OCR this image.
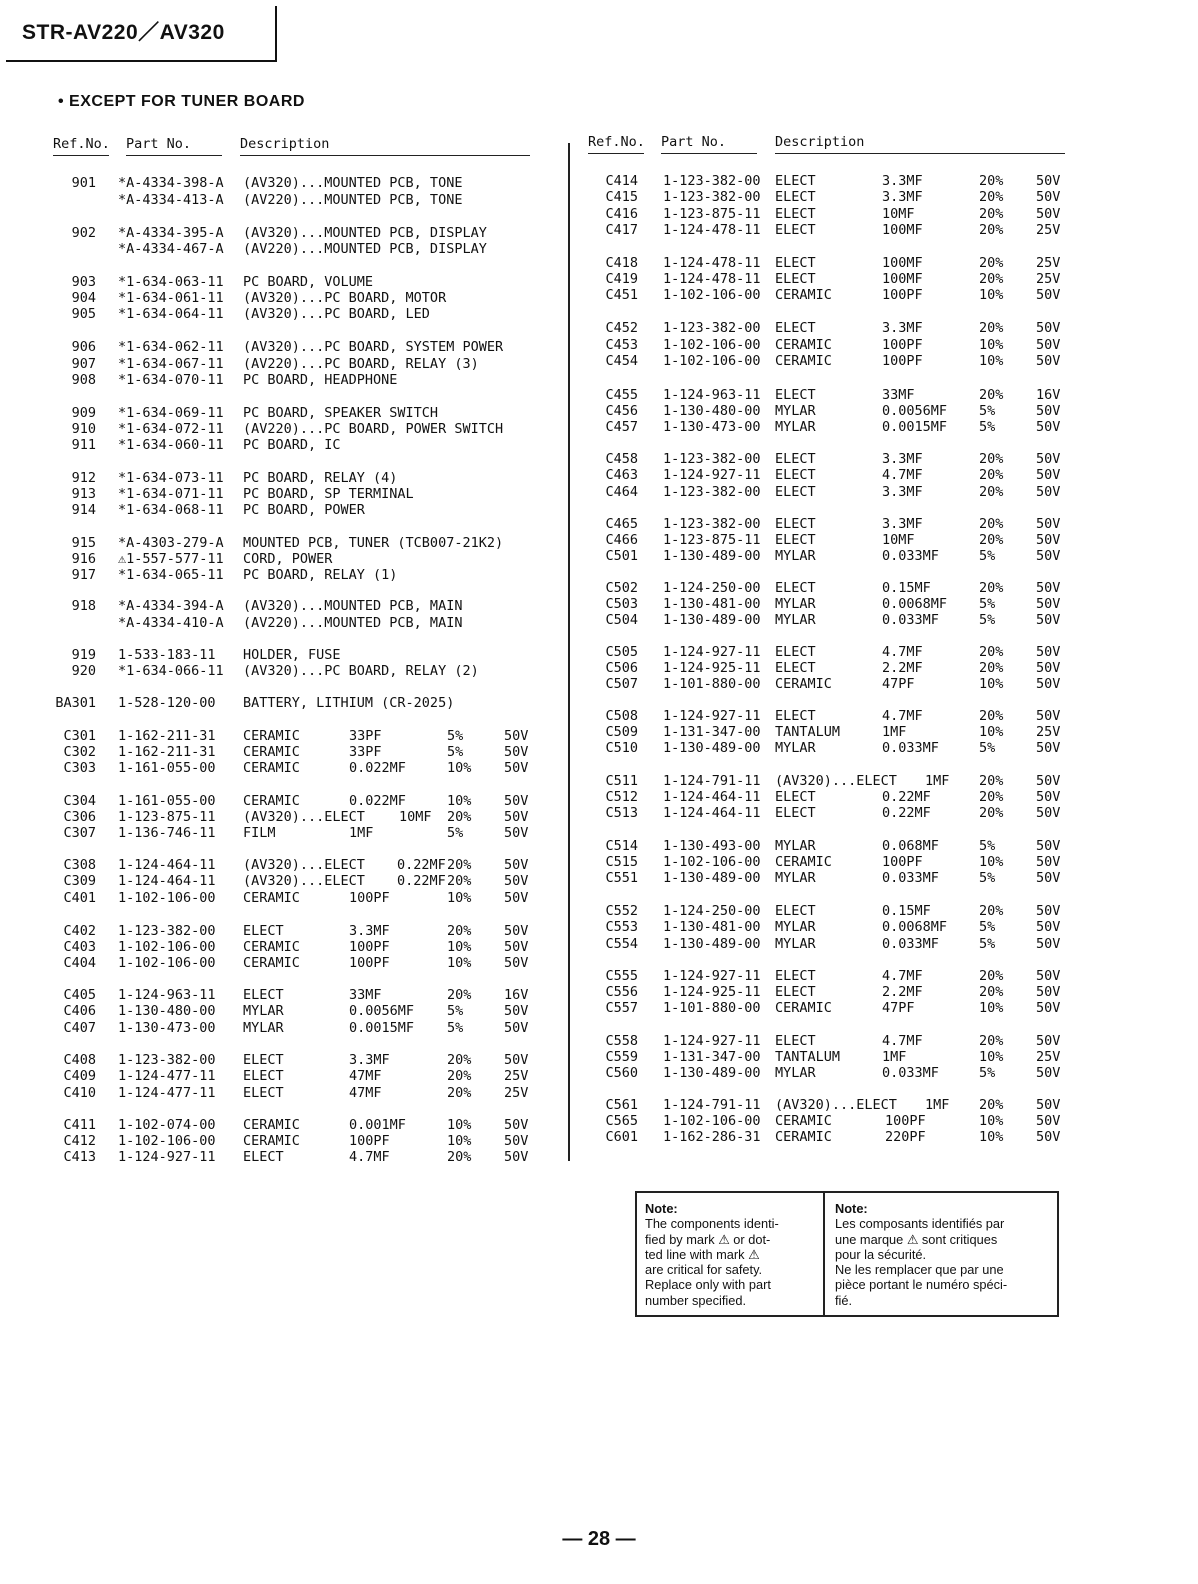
STR-AV220／AV320
• EXCEPT FOR TUNER BOARD
Ref.No. Part No.	Description	Ref.No. Part No.	Description
901 *A-4334-398-A (AV320)...MOUNTED PCB, TONE
*A-4334-413-A (AV220)...MOUNTED PCB, TONE
902 *A-4334-395-A (AV320)...MOUNTED PCB, DISPLAY
*A-4334-467-A (AV220)...MOUNTED PCB, DISPLAY
903 *1-634-063-11 PC BOARD, VOLUME
904 *1-634-061-11 (AV320)...PC BOARD, MOTOR
905 *1-634-064-11 (AV320)...PC BOARD, LED
906 *1-634-062-11 (AV320)...PC BOARD, SYSTEM POWER
907 *1-634-067-11 (AV220)...PC BOARD, RELAY (3)
908 *1-634-070-11 PC BOARD, HEADPHONE
909 *1-634-069-11 PC BOARD, SPEAKER SWITCH
910 *1-634-072-11 (AV220)...PC BOARD, POWER SWITCH
911 *1-634-060-11 PC BOARD, IC
912 *1-634-073-11 PC BOARD, RELAY (4)
913 *1-634-071-11 PC BOARD, SP TERMINAL
914 *1-634-068-11 PC BOARD, POWER
915 *A-4303-279-A MOUNTED PCB, TUNER (TCB007-21K2)
916 ⚠1-557-577-11 CORD, POWER
917 *1-634-065-11 PC BOARD, RELAY (1)
918 *A-4334-394-A (AV320)...MOUNTED PCB, MAIN
*A-4334-410-A (AV220)...MOUNTED PCB, MAIN
919 1-533-183-11 HOLDER, FUSE
920 *1-634-066-11 (AV320)...PC BOARD, RELAY (2)
BA301 1-528-120-00 BATTERY, LITHIUM (CR-2025)
C301 1-162-211-31 CERAMIC	33PF	5%	50V
C302 1-162-211-31 CERAMIC	33PF	5%	50V
C303 1-161-055-00 CERAMIC	0.022MF	10% 50V
C304 1-161-055-00 CERAMIC	0.022MF	10% 50V
C306 1-123-875-11 (AV320)...ELECT	10MF 20% 50V
C307 1-136-746-11 FILM	1MF	5%	50V
C308 1-124-464-11 (AV320)...ELECT 0.22MF 20% 50V
C309 1-124-464-11 (AV320)...ELECT 0.22MF 20% 50V
C401 1-102-106-00 CERAMIC	100PF	10% 50V
C402 1-123-382-00 ELECT	3.3MF	20% 50V
C403 1-102-106-00 CERAMIC	100PF	10% 50V
C404 1-102-106-00 CERAMIC	100PF	10% 50V
C405 1-124-963-11 ELECT	33MF	20% 16V
C406 1-130-480-00 MYLAR	0.0056MF 5%	50V
C407 1-130-473-00 MYLAR	0.0015MF 5%	50V
C408 1-123-382-00 ELECT	3.3MF	20% 50V
C409 1-124-477-11 ELECT	47MF	20% 25V
C410 1-124-477-11 ELECT	47MF	20% 25V
C411 1-102-074-00 CERAMIC	0.001MF	10% 50V
C412 1-102-106-00 CERAMIC	100PF	10% 50V
C413 1-124-927-11 ELECT	4.7MF	20% 50V
C414 1-123-382-00 ELECT	3.3MF	20% 50V
C415 1-123-382-00 ELECT	3.3MF	20% 50V
C416 1-123-875-11 ELECT	10MF	20% 50V
C417 1-124-478-11 ELECT	100MF	20% 25V
C418 1-124-478-11 ELECT	100MF	20% 25V
C419 1-124-478-11 ELECT	100MF	20% 25V
C451 1-102-106-00 CERAMIC	100PF	10% 50V
C452 1-123-382-00 ELECT	3.3MF	20% 50V
C453 1-102-106-00 CERAMIC	100PF	10% 50V
C454 1-102-106-00 CERAMIC	100PF	10% 50V
C455 1-124-963-11 ELECT	33MF	20% 16V
C456 1-130-480-00 MYLAR	0.0056MF 5%	50V
C457 1-130-473-00 MYLAR	0.0015MF 5%	50V
C458 1-123-382-00 ELECT	3.3MF	20% 50V
C463 1-124-927-11 ELECT	4.7MF	20% 50V
C464 1-123-382-00 ELECT	3.3MF	20% 50V
C465 1-123-382-00 ELECT	3.3MF	20% 50V
C466 1-123-875-11 ELECT	10MF	20% 50V
C501 1-130-489-00 MYLAR	0.033MF	5%	50V
C502 1-124-250-00 ELECT	0.15MF	20% 50V
C503 1-130-481-00 MYLAR	0.0068MF 5%	50V
C504 1-130-489-00 MYLAR	0.033MF	5%	50V
C505 1-124-927-11 ELECT	4.7MF	20% 50V
C506 1-124-925-11 ELECT	2.2MF	20% 50V
C507 1-101-880-00 CERAMIC	47PF	10% 50V
C508 1-124-927-11 ELECT	4.7MF	20% 50V
C509 1-131-347-00 TANTALUM	1MF	10% 25V
C510 1-130-489-00 MYLAR	0.033MF	5%	50V
C511 1-124-791-11 (AV320)...ELECT 1MF 20% 50V
C512 1-124-464-11 ELECT	0.22MF	20% 50V
C513 1-124-464-11 ELECT	0.22MF	20% 50V
C514 1-130-493-00 MYLAR	0.068MF	5%	50V
C515 1-102-106-00 CERAMIC	100PF	10% 50V
C551 1-130-489-00 MYLAR	0.033MF	5%	50V
C552 1-124-250-00 ELECT	0.15MF	20% 50V
C553 1-130-481-00 MYLAR	0.0068MF 5%	50V
C554 1-130-489-00 MYLAR	0.033MF	5%	50V
C555 1-124-927-11 ELECT	4.7MF	20% 50V
C556 1-124-925-11 ELECT	2.2MF	20% 50V
C557 1-101-880-00 CERAMIC	47PF	10% 50V
C558 1-124-927-11 ELECT	4.7MF	20% 50V
C559 1-131-347-00 TANTALUM	1MF	10% 25V
C560 1-130-489-00 MYLAR	0.033MF	5%	50V
C561 1-124-791-11 (AV320)...ELECT 1MF 20% 50V
C565 1-102-106-00 CERAMIC	100PF	10% 50V
C601 1-162-286-31 CERAMIC	220PF	10% 50V
Note:
The components identi-
fied by mark ⚠ or dot-
ted line with mark ⚠
are critical for safety.
Replace only with part
number specified.
Note:
Les composants identifiés par
une marque ⚠ sont critiques
pour la sécurité.
Ne les remplacer que par une
pièce portant le numéro spéci-
fié.
— 28 —
